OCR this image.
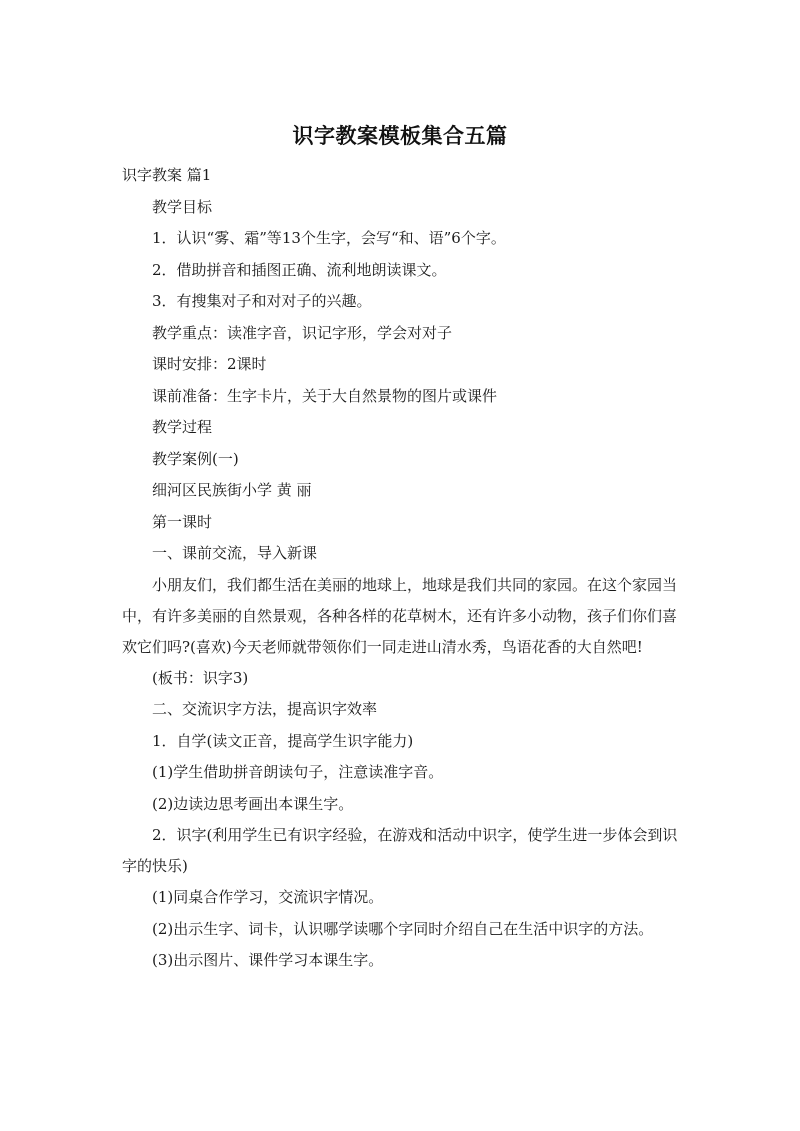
识字教案模板集合五篇

识字教案 篇1

教学目标

1．认识“雾、霜”等13个生字，会写“和、语”6个字。

2．借助拼音和插图正确、流利地朗读课文。

3．有搜集对子和对对子的兴趣。

教学重点：读准字音，识记字形，学会对对子

课时安排：2课时

课前准备：生字卡片，关于大自然景物的图片或课件

教学过程

教学案例(一)

细河区民族街小学 黄 丽

第一课时

一、课前交流，导入新课

小朋友们，我们都生活在美丽的地球上，地球是我们共同的家园。在这个家园当中，有许多美丽的自然景观，各种各样的花草树木，还有许多小动物，孩子们你们喜欢它们吗?(喜欢)今天老师就带领你们一同走进山清水秀，鸟语花香的大自然吧!

(板书：识字3)

二、交流识字方法，提高识字效率

1．自学(读文正音，提高学生识字能力)

(1)学生借助拼音朗读句子，注意读准字音。

(2)边读边思考画出本课生字。

2．识字(利用学生已有识字经验，在游戏和活动中识字，使学生进一步体会到识字的快乐)

(1)同桌合作学习，交流识字情况。

(2)出示生字、词卡，认识哪学读哪个字同时介绍自己在生活中识字的方法。

(3)出示图片、课件学习本课生字。
